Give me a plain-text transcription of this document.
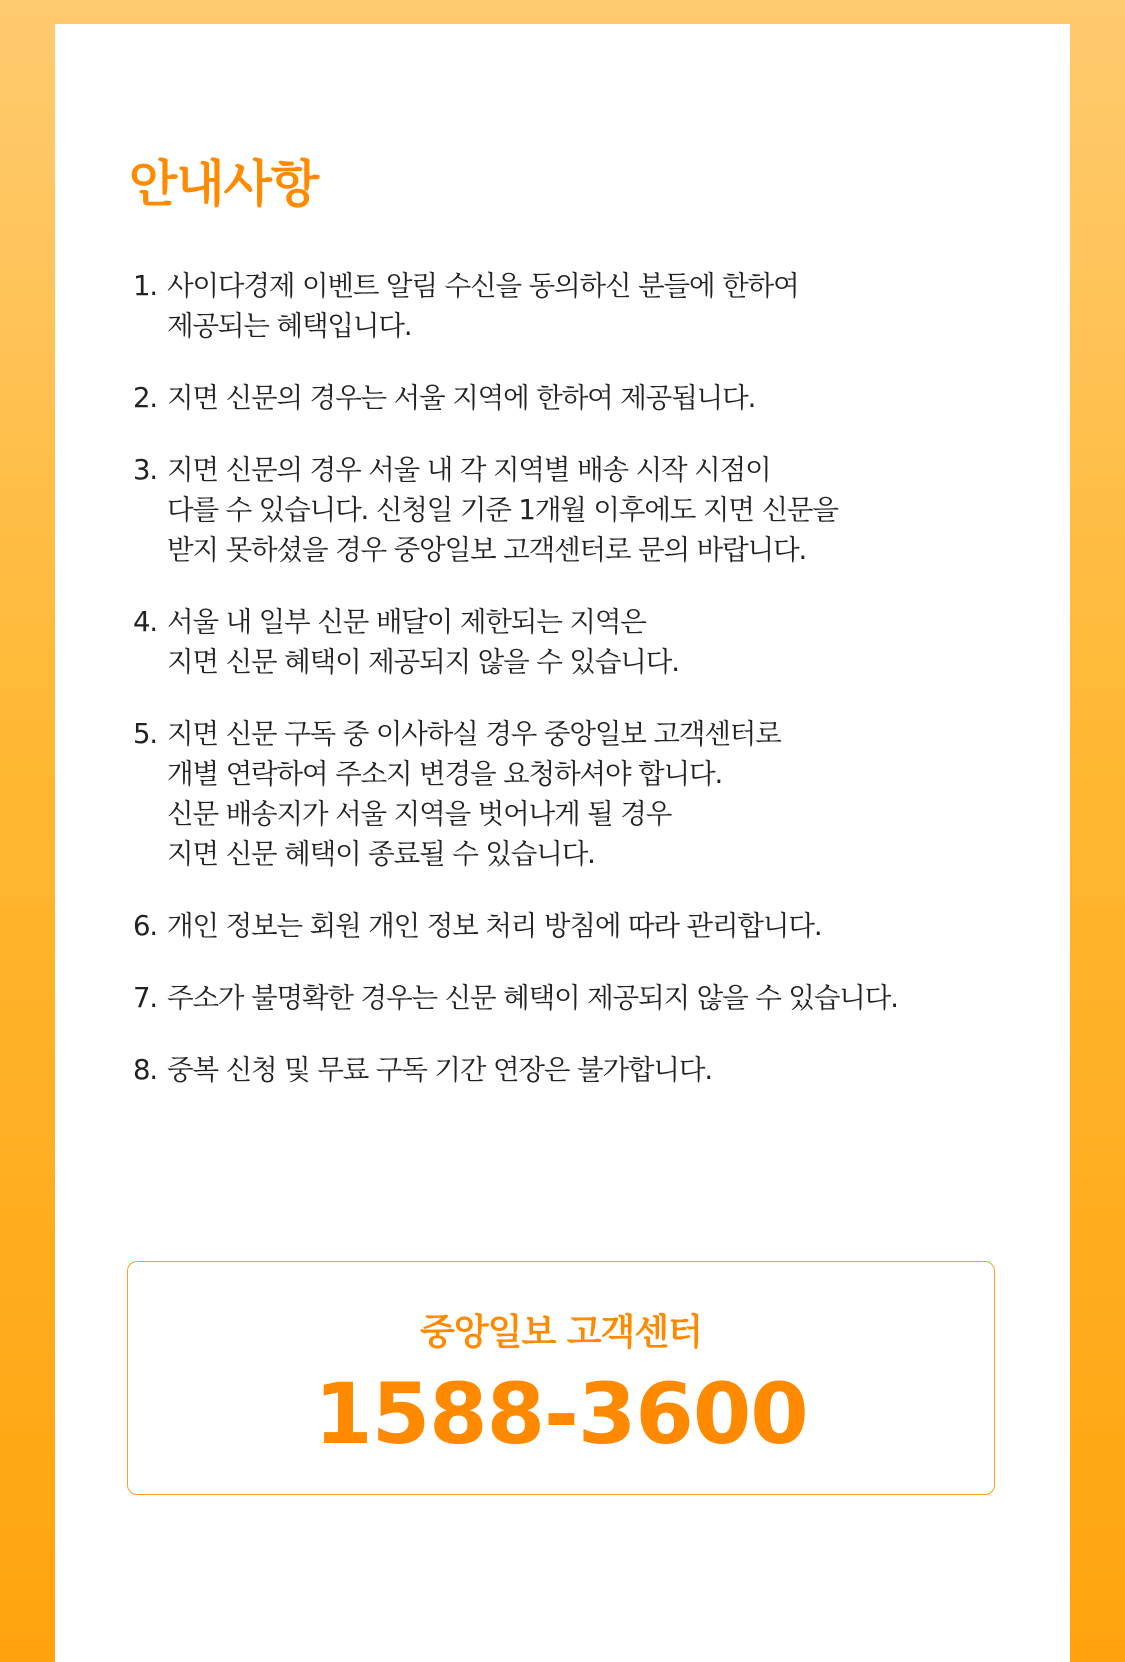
안내사항
1. 사이다경제 이벤트 알림 수신을 동의하신 분들에 한하여
제공되는 혜택입니다.
2. 지면 신문의 경우는 서울 지역에 한하여 제공됩니다.
3. 지면 신문의 경우 서울 내 각 지역별 배송 시작 시점이
다를 수 있습니다. 신청일 기준 1개월 이후에도 지면 신문을
받지 못하셨을 경우 중앙일보 고객센터로 문의 바랍니다.
4. 서울 내 일부 신문 배달이 제한되는 지역은
지면 신문 혜택이 제공되지 않을 수 있습니다.
5. 지면 신문 구독 중 이사하실 경우 중앙일보 고객센터로
개별 연락하여 주소지 변경을 요청하셔야 합니다.
신문 배송지가 서울 지역을 벗어나게 될 경우
지면 신문 혜택이 종료될 수 있습니다.
6. 개인 정보는 회원 개인 정보 처리 방침에 따라 관리합니다.
7. 주소가 불명확한 경우는 신문 혜택이 제공되지 않을 수 있습니다.
8. 중복 신청 및 무료 구독 기간 연장은 불가합니다.
중앙일보 고객센터
1588-3600
